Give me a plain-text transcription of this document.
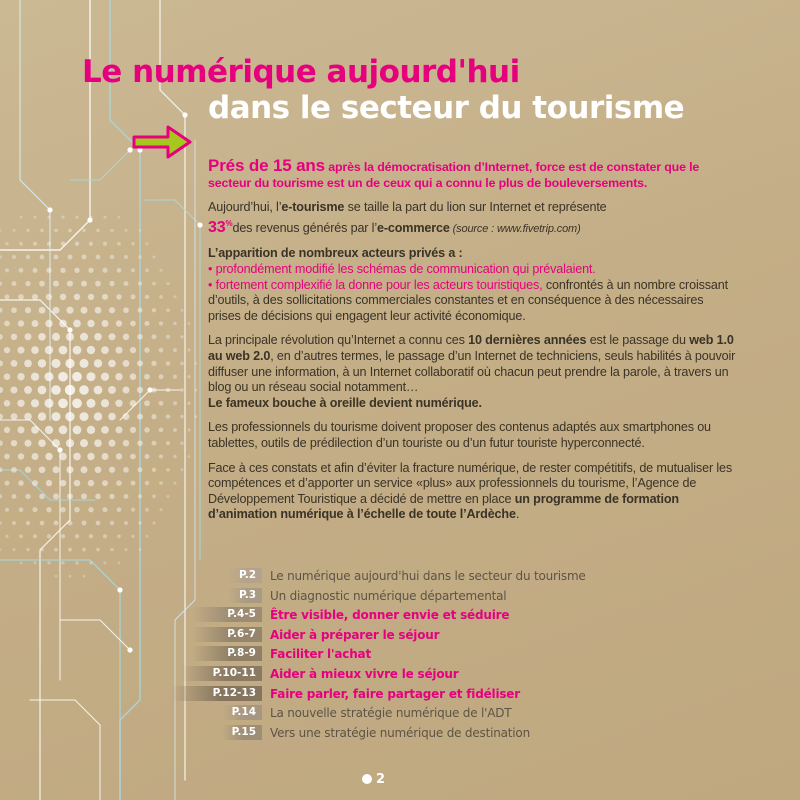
Le numérique aujourd'hui
dans le secteur du tourisme

Prés de 15 ans après la démocratisation d’Internet, force est de constater que le secteur du tourisme est un de ceux qui a connu le plus de bouleversements.

Aujourd’hui, l’e-tourisme se taille la part du lion sur Internet et représente
33%des revenus générés par l’e-commerce (source : www.fivetrip.com)

L’apparition de nombreux acteurs privés a :
• profondément modifié les schémas de communication qui prévalaient.
• fortement complexifié la donne pour les acteurs touristiques, confrontés à un nombre croissant d’outils, à des sollicitations commerciales constantes et en conséquence à des nécessaires prises de décisions qui engagent leur activité économique.

La principale révolution qu’Internet a connu ces 10 dernières années est le passage du web 1.0 au web 2.0, en d’autres termes, le passage d’un Internet de techniciens, seuls habilités à pouvoir diffuser une information, à un Internet collaboratif où chacun peut prendre la parole, à travers un blog ou un réseau social notamment…
Le fameux bouche à oreille devient numérique.

Les professionnels du tourisme doivent proposer des contenus adaptés aux smartphones ou tablettes, outils de prédilection d’un touriste ou d’un futur touriste hyperconnecté.

Face à ces constats et afin d’éviter la fracture numérique, de rester compétitifs, de mutualiser les compétences et d’apporter un service «plus» aux professionnels du tourisme, l’Agence de Développement Touristique a décidé de mettre en place un programme de formation d’animation numérique à l’échelle de toute l’Ardèche.

P.2	Le numérique aujourd'hui dans le secteur du tourisme
P.3	Un diagnostic numérique départemental
P.4-5	Être visible, donner envie et séduire
P.6-7	Aider à préparer le séjour
P.8-9	Faciliter l'achat
P.10-11	Aider à mieux vivre le séjour
P.12-13	Faire parler, faire partager et fidéliser
P.14	La nouvelle stratégie numérique de l'ADT
P.15	Vers une stratégie numérique de destination
2
